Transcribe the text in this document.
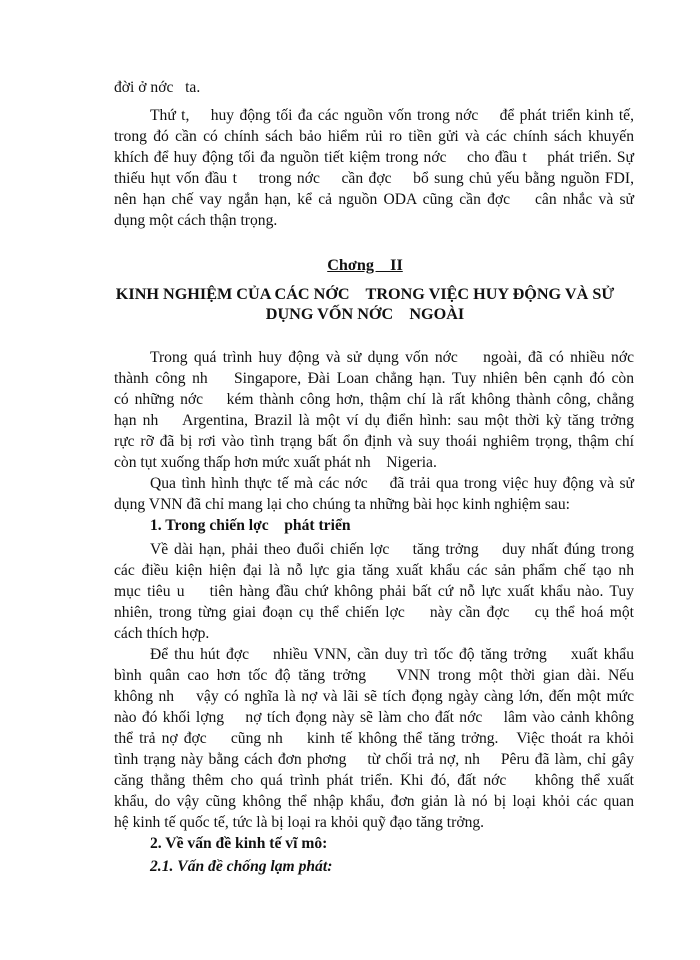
đời ở nớc   ta.
Thứ t,    huy động tối đa các nguồn vốn trong nớc    để phát triển kinh tế,
trong đó cần có chính sách bảo hiểm rủi ro tiền gửi và các chính sách khuyến
khích để huy động tối đa nguồn tiết kiệm trong nớc    cho đầu t    phát triển. Sự
thiếu hụt vốn đầu t    trong nớc    cần đợc    bổ sung chủ yếu bằng nguồn FDI,
nên hạn chế vay ngắn hạn, kể cả nguồn ODA cũng cần đợc    cân nhắc và sử
dụng một cách thận trọng.
Chơng    II
KINH NGHIỆM CỦA CÁC NỚC    TRONG VIỆC HUY ĐỘNG VÀ SỬ
DỤNG VỐN NỚC    NGOÀI
Trong quá trình huy động và sử dụng vốn nớc    ngoài, đã có nhiều nớc
thành công nh    Singapore, Đài Loan chẳng hạn. Tuy nhiên bên cạnh đó còn
có những nớc    kém thành công hơn, thậm chí là rất không thành công, chẳng
hạn nh    Argentina, Brazil là một ví dụ điển hình: sau một thời kỳ tăng trởng
rực rỡ đã bị rơi vào tình trạng bất ổn định và suy thoái nghiêm trọng, thậm chí
còn tụt xuống thấp hơn mức xuất phát nh    Nigeria.
Qua tình hình thực tế mà các nớc    đã trải qua trong việc huy động và sử
dụng VNN đã chỉ mang lại cho chúng ta những bài học kinh nghiệm sau:
1. Trong chiến lợc    phát triển
Về dài hạn, phải theo đuổi chiến lợc    tăng trởng    duy nhất đúng trong
các điều kiện hiện đại là nỗ lực gia tăng xuất khẩu các sản phẩm chế tạo nh
mục tiêu u    tiên hàng đầu chứ không phải bất cứ nỗ lực xuất khẩu nào. Tuy
nhiên, trong từng giai đoạn cụ thể chiến lợc    này cần đợc    cụ thể hoá một
cách thích hợp.
Để thu hút đợc    nhiều VNN, cần duy trì tốc độ tăng trởng    xuất khẩu
bình quân cao hơn tốc độ tăng trởng    VNN trong một thời gian dài. Nếu
không nh    vậy có nghĩa là nợ và lãi sẽ tích đọng ngày càng lớn, đến một mức
nào đó khối lợng    nợ tích đọng này sẽ làm cho đất nớc    lâm vào cảnh không
thể trả nợ đợc    cũng nh    kinh tế không thể tăng trởng.   Việc thoát ra khỏi
tình trạng này bằng cách đơn phơng    từ chối trả nợ, nh    Pêru đã làm, chỉ gây
căng thẳng thêm cho quá trình phát triển. Khi đó, đất nớc    không thể xuất
khẩu, do vậy cũng không thể nhập khẩu, đơn giản là nó bị loại khỏi các quan
hệ kinh tế quốc tế, tức là bị loại ra khỏi quỹ đạo tăng trởng.
2. Về vấn đề kinh tế vĩ mô:
2.1. Vấn đề chống lạm phát:
